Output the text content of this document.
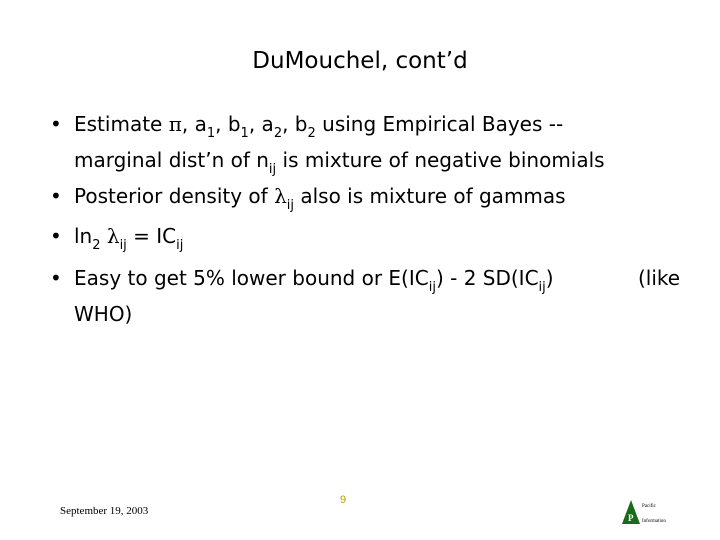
DuMouchel, cont’d
• Estimate π, $a_1$, $b_1$, $a_2$, $b_2$ using Empirical Bayes --
marginal dist’n of $n_{ij}$ is mixture of negative binomials
• Posterior density of $\lambda_{ij}$ also is mixture of gammas
• $\ln_2 \lambda_{ij} = IC_{ij}$
• Easy to get 5% lower bound or $E(IC_{ij}) - 2$ $SD(IC_{ij})$
WHO)
(like
September 19, 2003
9
P
Pacific
Information
